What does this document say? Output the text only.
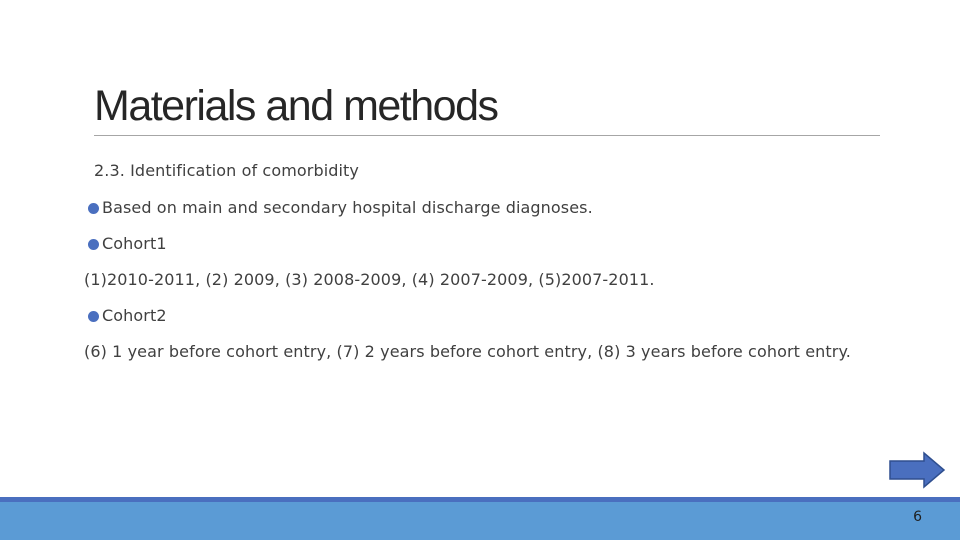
Materials and methods
2.3. Identification of comorbidity
Based on main and secondary hospital discharge diagnoses.
Cohort1
(1)2010-2011, (2) 2009, (3) 2008-2009, (4) 2007-2009, (5)2007-2011.
Cohort2
(6) 1 year before cohort entry, (7) 2 years before cohort entry, (8) 3 years before cohort entry.
6
